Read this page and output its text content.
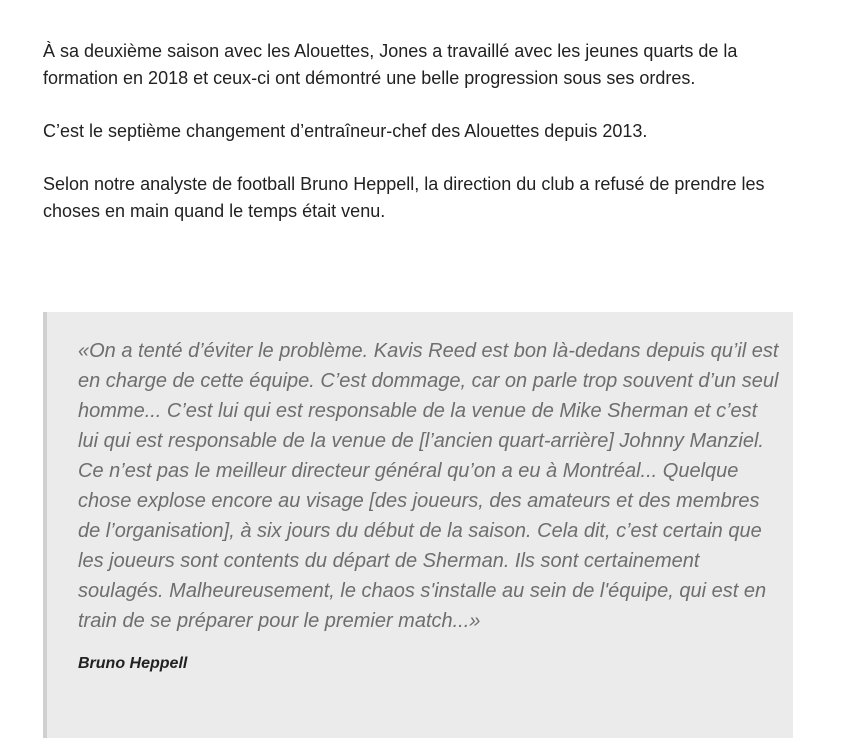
À sa deuxième saison avec les Alouettes, Jones a travaillé avec les jeunes quarts de la formation en 2018 et ceux-ci ont démontré une belle progression sous ses ordres.

C’est le septième changement d’entraîneur-chef des Alouettes depuis 2013.

Selon notre analyste de football Bruno Heppell, la direction du club a refusé de prendre les choses en main quand le temps était venu.

«On a tenté d’éviter le problème. Kavis Reed est bon là-dedans depuis qu’il est en charge de cette équipe. C’est dommage, car on parle trop souvent d’un seul homme... C’est lui qui est responsable de la venue de Mike Sherman et c’est lui qui est responsable de la venue de [l’ancien quart-arrière] Johnny Manziel. Ce n’est pas le meilleur directeur général qu’on a eu à Montréal... Quelque chose explose encore au visage [des joueurs, des amateurs et des membres de l’organisation], à six jours du début de la saison. Cela dit, c’est certain que les joueurs sont contents du départ de Sherman. Ils sont certainement soulagés. Malheureusement, le chaos s'installe au sein de l'équipe, qui est en train de se préparer pour le premier match...»

Bruno Heppell
